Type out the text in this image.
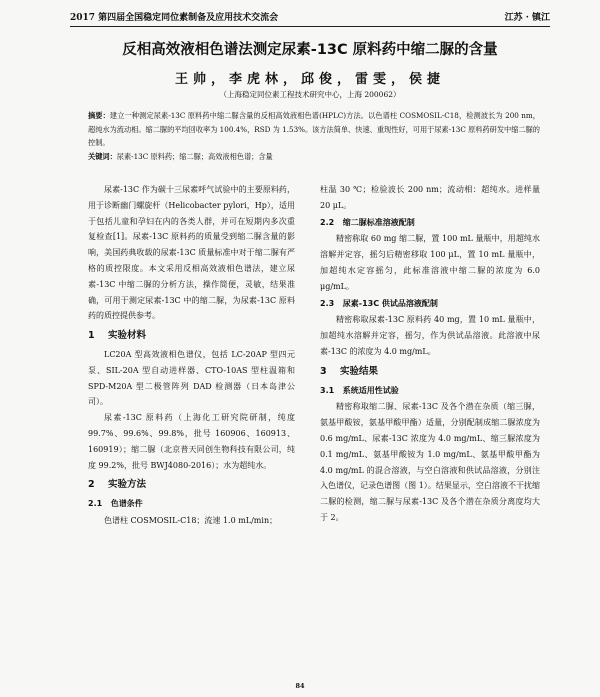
2017 第四届全国稳定同位素制备及应用技术交流会	江苏 · 镇江
反相高效液相色谱法测定尿素-13C 原料药中缩二脲的含量
王帅，李虎林，邱俊，雷雯，侯捷
（上海稳定同位素工程技术研究中心，上海 200062）
摘要：建立一种测定尿素-13C 原料药中缩二脲含量的反相高效液相色谱(HPLC)方法。以色谱柱 COSMOSIL-C18，检测波长为 200 nm，超纯水为流动相。缩二脲的平均回收率为 100.4%，RSD 为 1.53%。该方法简单、快速、重现性好，可用于尿素-13C 原料药研发中缩二脲的控制。
关键词：尿素-13C 原料药；缩二脲；高效液相色谱；含量

尿素-13C 作为碳十三尿素呼气试验中的主要原料药，用于诊断幽门螺旋杆（Helicobacter pylori，Hp），适用于包括儿童和孕妇在内的各类人群，并可在短期内多次重复检查[1]。尿素-13C 原料药的质量受到缩二脲含量的影响，美国药典收载的尿素-13C 质量标准中对于缩二脲有严格的质控限度。本文采用反相高效液相色谱法，建立尿素-13C 中缩二脲的分析方法，操作简便，灵敏，结果准确，可用于测定尿素-13C 中的缩二脲，为尿素-13C 原料药的质控提供参考。

1 实验材料

LC20A 型高效液相色谱仪，包括 LC-20AP 型四元泵、SIL-20A 型自动进样器、CTO-10AS 型柱温箱和 SPD-M20A 型二极管阵列 DAD 检测器（日本岛津公司）。

尿素-13C 原料药（上海化工研究院研制，纯度 99.7%、99.6%、99.8%，批号 160906、160913、160919）；缩二脲（北京普天同创生物科技有限公司，纯度 99.2%，批号 BWJ4080-2016）；水为超纯水。

2 实验方法
2.1 色谱条件

色谱柱 COSMOSIL-C18；流速 1.0 mL/min；

柱温 30 ℃；检验波长 200 nm；流动相：超纯水。进样量 20 μL。

2.2 缩二脲标准溶液配制

精密称取 60 mg 缩二脲，置 100 mL 量瓶中，用超纯水溶解并定容，摇匀后精密移取 100 μL，置 10 mL 量瓶中，加超纯水定容摇匀，此标准溶液中缩二脲的浓度为 6.0 μg/mL。

2.3 尿素-13C 供试品溶液配制

精密称取尿素-13C 原料药 40 mg，置 10 mL 量瓶中，加超纯水溶解并定容，摇匀，作为供试品溶液。此溶液中尿素-13C 的浓度为 4.0 mg/mL。

3 实验结果
3.1 系统适用性试验

精密称取缩二脲、尿素-13C 及各个潜在杂质（缩三脲，氨基甲酸铵，氨基甲酸甲酯）适量，分别配制成缩二脲浓度为 0.6 mg/mL、尿素-13C 浓度为 4.0 mg/mL、缩三脲浓度为 0.1 mg/mL、氨基甲酸铵为 1.0 mg/mL、氨基甲酸甲酯为 4.0 mg/mL 的混合溶液，与空白溶液和供试品溶液，分别注入色谱仪，记录色谱图（图 1）。结果显示，空白溶液不干扰缩二脲的检测，缩二脲与尿素-13C 及各个潜在杂质分离度均大于 2。

84
